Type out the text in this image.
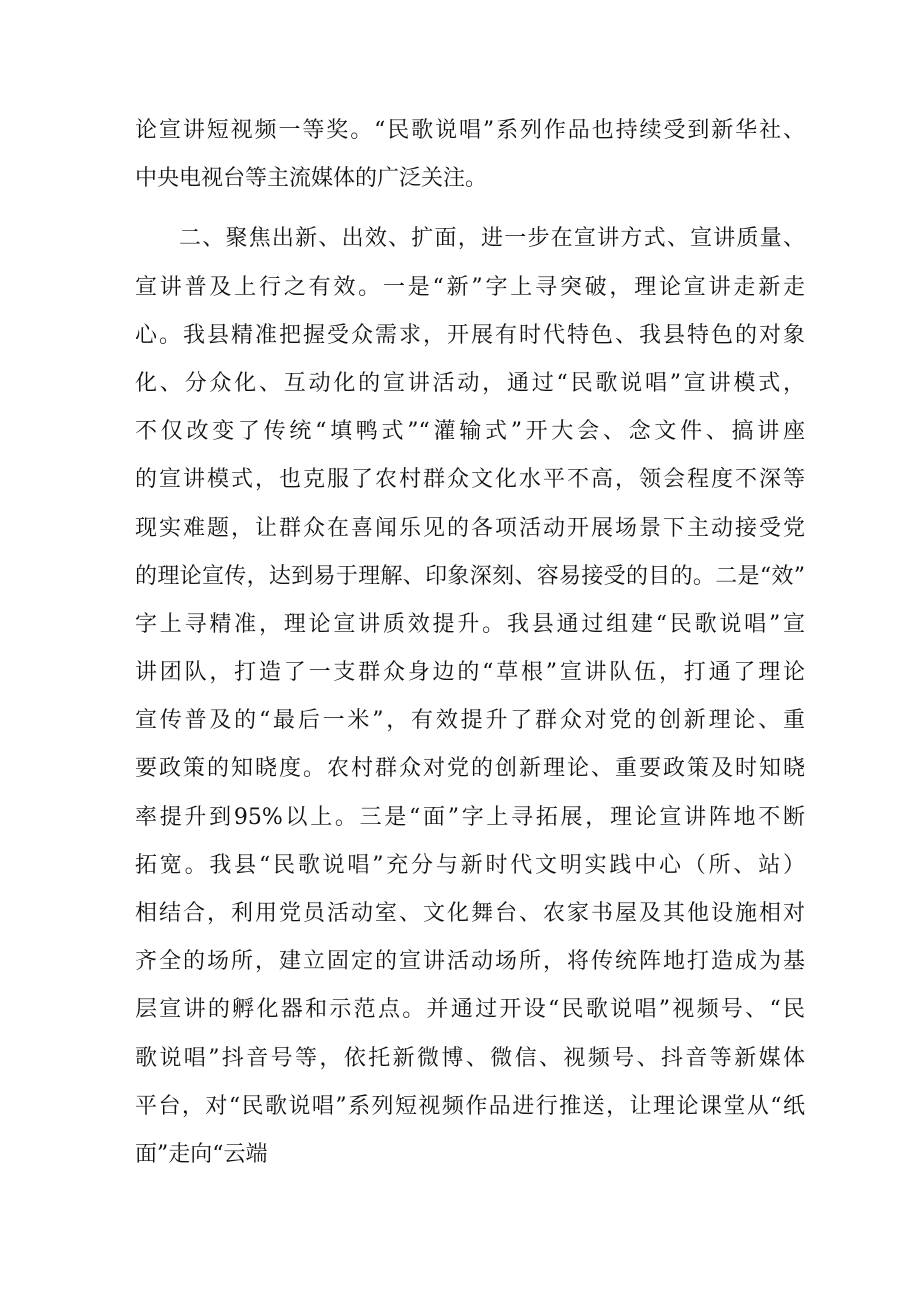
论宣讲短视频一等奖。“民歌说唱”系列作品也持续受到新华社、
中央电视台等主流媒体的广泛关注。
二、聚焦出新、出效、扩面，进一步在宣讲方式、宣讲质量、
宣讲普及上行之有效。一是“新”字上寻突破，理论宣讲走新走
心。我县精准把握受众需求，开展有时代特色、我县特色的对象
化、分众化、互动化的宣讲活动，通过“民歌说唱”宣讲模式，
不仅改变了传统“填鸭式”“灌输式”开大会、念文件、搞讲座
的宣讲模式，也克服了农村群众文化水平不高，领会程度不深等
现实难题，让群众在喜闻乐见的各项活动开展场景下主动接受党
的理论宣传，达到易于理解、印象深刻、容易接受的目的。二是“效”
字上寻精准，理论宣讲质效提升。我县通过组建“民歌说唱”宣
讲团队，打造了一支群众身边的“草根”宣讲队伍，打通了理论
宣传普及的“最后一米”，有效提升了群众对党的创新理论、重
要政策的知晓度。农村群众对党的创新理论、重要政策及时知晓
率提升到95%以上。三是“面”字上寻拓展，理论宣讲阵地不断
拓宽。我县“民歌说唱”充分与新时代文明实践中心（所、站）
相结合，利用党员活动室、文化舞台、农家书屋及其他设施相对
齐全的场所，建立固定的宣讲活动场所，将传统阵地打造成为基
层宣讲的孵化器和示范点。并通过开设“民歌说唱”视频号、“民
歌说唱”抖音号等，依托新微博、微信、视频号、抖音等新媒体
平台，对“民歌说唱”系列短视频作品进行推送，让理论课堂从“纸
面”走向“云端
